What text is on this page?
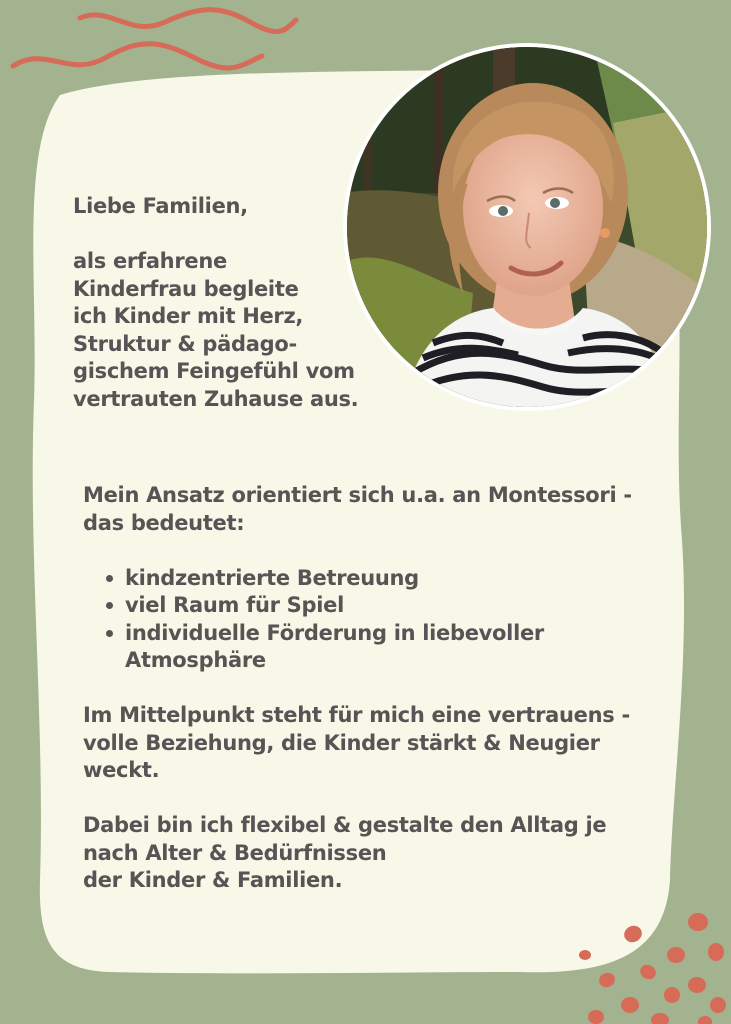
Liebe Familien,
als erfahrene
Kinderfrau begleite
ich Kinder mit Herz,
Struktur & pädago-
gischem Feingefühl vom
vertrauten Zuhause aus.
Mein Ansatz orientiert sich u.a. an Montessori -
das bedeutet:
kindzentrierte Betreuung
viel Raum für Spiel
individuelle Förderung in liebevoller
Atmosphäre
Im Mittelpunkt steht für mich eine vertrauens -
volle Beziehung, die Kinder stärkt & Neugier
weckt.
Dabei bin ich flexibel & gestalte den Alltag je
nach Alter & Bedürfnissen
der Kinder & Familien.
